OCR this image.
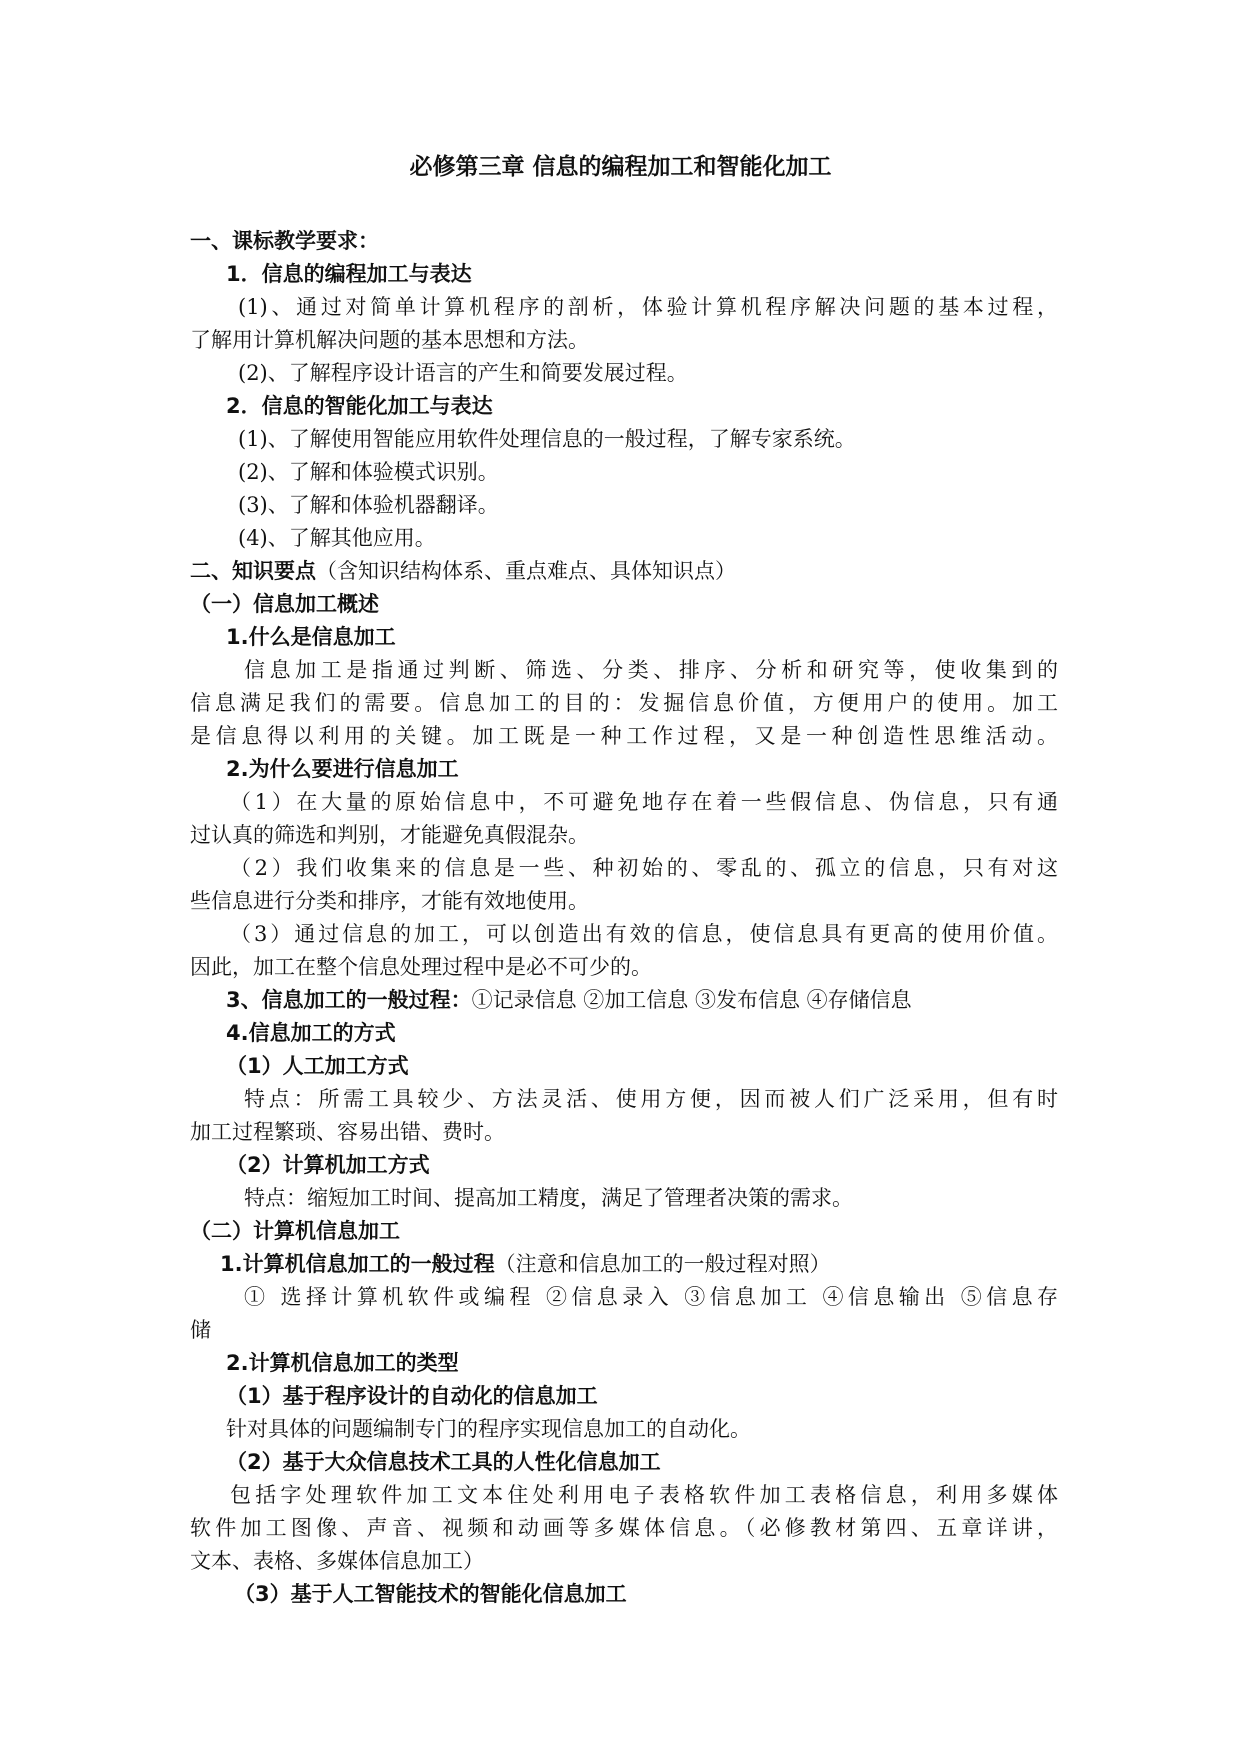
必修第三章 信息的编程加工和智能化加工

一、课标教学要求：

1．信息的编程加工与表达

(1)、通过对简单计算机程序的剖析，体验计算机程序解决问题的基本过程，

了解用计算机解决问题的基本思想和方法。

(2)、了解程序设计语言的产生和简要发展过程。

2．信息的智能化加工与表达

(1)、了解使用智能应用软件处理信息的一般过程，了解专家系统。

(2)、了解和体验模式识别。

(3)、了解和体验机器翻译。

(4)、了解其他应用。

二、知识要点（含知识结构体系、重点难点、具体知识点）

（一）信息加工概述

1.什么是信息加工

信息加工是指通过判断、筛选、分类、排序、分析和研究等，使收集到的

信息满足我们的需要。信息加工的目的：发掘信息价值，方便用户的使用。加工

是信息得以利用的关键。加工既是一种工作过程，又是一种创造性思维活动。

2.为什么要进行信息加工

（1）在大量的原始信息中，不可避免地存在着一些假信息、伪信息，只有通

过认真的筛选和判别，才能避免真假混杂。

（2）我们收集来的信息是一些、种初始的、零乱的、孤立的信息，只有对这

些信息进行分类和排序，才能有效地使用。

（3）通过信息的加工，可以创造出有效的信息，使信息具有更高的使用价值。

因此，加工在整个信息处理过程中是必不可少的。

3、信息加工的一般过程：①记录信息 ②加工信息 ③发布信息 ④存储信息

4.信息加工的方式

（1）人工加工方式

特点：所需工具较少、方法灵活、使用方便，因而被人们广泛采用，但有时

加工过程繁琐、容易出错、费时。

（2）计算机加工方式

特点：缩短加工时间、提高加工精度，满足了管理者决策的需求。

（二）计算机信息加工

1.计算机信息加工的一般过程（注意和信息加工的一般过程对照）

① 选择计算机软件或编程 ②信息录入 ③信息加工 ④信息输出 ⑤信息存

储

2.计算机信息加工的类型

（1）基于程序设计的自动化的信息加工

针对具体的问题编制专门的程序实现信息加工的自动化。

（2）基于大众信息技术工具的人性化信息加工

包括字处理软件加工文本住处利用电子表格软件加工表格信息，利用多媒体

软件加工图像、声音、视频和动画等多媒体信息。（必修教材第四、五章详讲，

文本、表格、多媒体信息加工）

（3）基于人工智能技术的智能化信息加工
